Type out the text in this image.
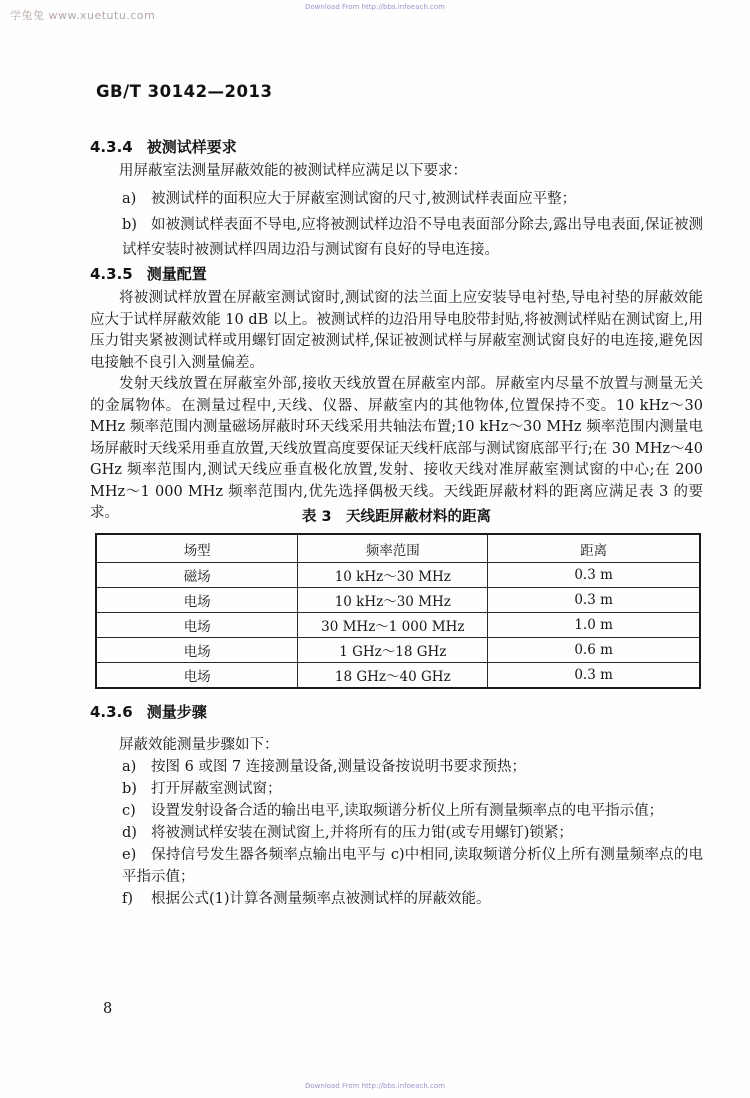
学兔兔 www.xuetutu.com
Download From http://bbs.infoeach.com
GB/T 30142—2013
4.3.4 被测试样要求
用屏蔽室法测量屏蔽效能的被测试样应满足以下要求：
a) 被测试样的面积应大于屏蔽室测试窗的尺寸,被测试样表面应平整；
b) 如被测试样表面不导电,应将被测试样边沿不导电表面部分除去,露出导电表面,保证被测试样安装时被测试样四周边沿与测试窗有良好的导电连接。
4.3.5 测量配置
将被测试样放置在屏蔽室测试窗时,测试窗的法兰面上应安装导电衬垫,导电衬垫的屏蔽效能应大于试样屏蔽效能 10 dB 以上。被测试样的边沿用导电胶带封贴,将被测试样贴在测试窗上,用压力钳夹紧被测试样或用螺钉固定被测试样,保证被测试样与屏蔽室测试窗良好的电连接,避免因电接触不良引入测量偏差。
发射天线放置在屏蔽室外部,接收天线放置在屏蔽室内部。屏蔽室内尽量不放置与测量无关的金属物体。在测量过程中,天线、仪器、屏蔽室内的其他物体,位置保持不变。10 kHz～30 MHz 频率范围内测量磁场屏蔽时环天线采用共轴法布置;10 kHz～30 MHz 频率范围内测量电场屏蔽时天线采用垂直放置,天线放置高度要保证天线杆底部与测试窗底部平行;在 30 MHz～40 GHz 频率范围内,测试天线应垂直极化放置,发射、接收天线对准屏蔽室测试窗的中心;在 200 MHz～1 000 MHz 频率范围内,优先选择偶极天线。天线距屏蔽材料的距离应满足表 3 的要求。	表 3　天线距屏蔽材料的距离
场型	频率范围	距离
磁场	10 kHz～30 MHz	0.3 m
电场	10 kHz～30 MHz	0.3 m
电场	30 MHz～1 000 MHz	1.0 m
电场	1 GHz～18 GHz	0.6 m
电场	18 GHz～40 GHz	0.3 m
4.3.6 测量步骤
屏蔽效能测量步骤如下：
a) 按图 6 或图 7 连接测量设备,测量设备按说明书要求预热；
b) 打开屏蔽室测试窗；
c) 设置发射设备合适的输出电平,读取频谱分析仪上所有测量频率点的电平指示值；
d) 将被测试样安装在测试窗上,并将所有的压力钳(或专用螺钉)锁紧；
e) 保持信号发生器各频率点输出电平与 c)中相同,读取频谱分析仪上所有测量频率点的电平指示值；
f) 根据公式(1)计算各测量频率点被测试样的屏蔽效能。
8
Download From http://bbs.infoeach.com
